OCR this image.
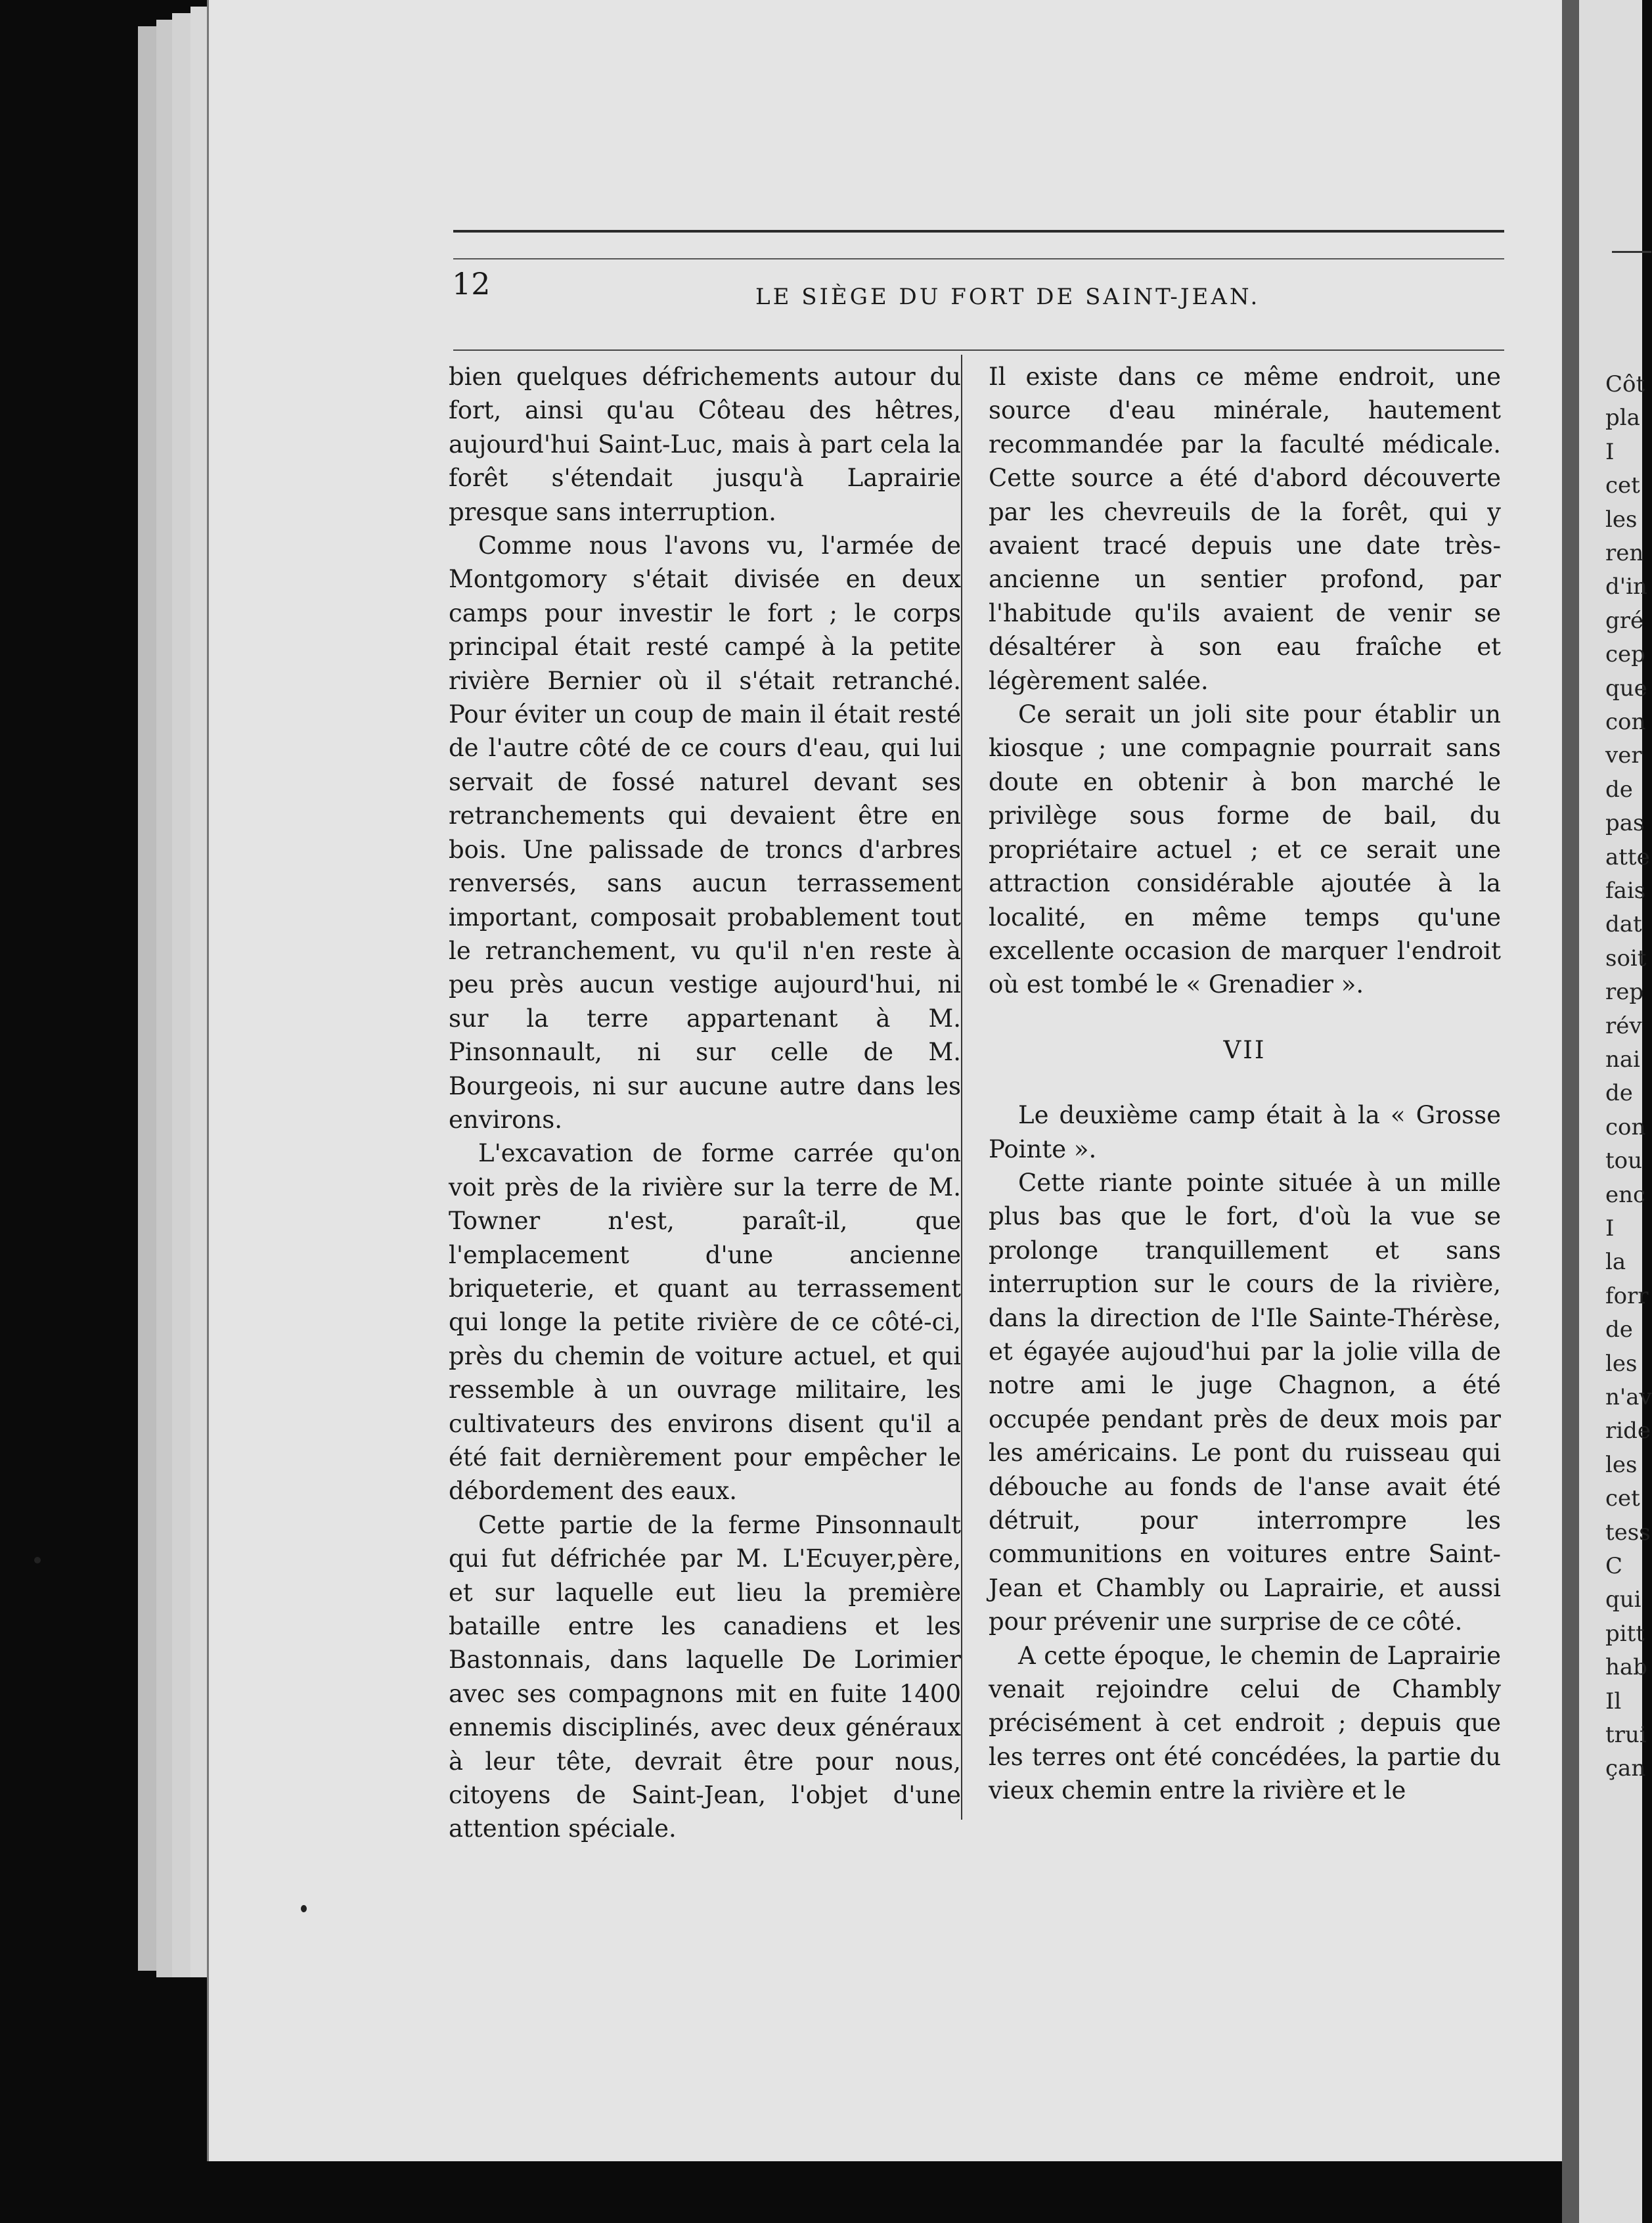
Côt
pla
I
cet
les
ren
d'in
gré
cep
que
con
ver
de
pas
atte
fais
dat
soit
rep
rév
nai
de
con
tou
enc
I
la
forr
de
les
n'av
ride
les
cet
tess
C
qui
pitt
hab
Il
trui
çan
12	LE SIÈGE DU FORT DE SAINT-JEAN.

bien quelques défrichements autour du fort, ainsi qu'au Côteau des hêtres, aujourd'hui Saint-Luc, mais à part cela la forêt s'étendait jusqu'à Laprairie presque sans interruption.

Comme nous l'avons vu, l'armée de Montgomory s'était divisée en deux camps pour investir le fort ; le corps principal était resté campé à la petite rivière Bernier où il s'était retranché. Pour éviter un coup de main il était resté de l'autre côté de ce cours d'eau, qui lui servait de fossé naturel devant ses retranchements qui devaient être en bois. Une palissade de troncs d'arbres renversés, sans aucun terrassement important, composait probablement tout le retranchement, vu qu'il n'en reste à peu près aucun vestige aujourd'hui, ni sur la terre appartenant à M. Pinsonnault, ni sur celle de M. Bourgeois, ni sur aucune autre dans les environs.

L'excavation de forme carrée qu'on voit près de la rivière sur la terre de M. Towner n'est, paraît-il, que l'emplacement d'une ancienne briqueterie, et quant au terrassement qui longe la petite rivière de ce côté-ci, près du chemin de voiture actuel, et qui ressemble à un ouvrage militaire, les cultivateurs des environs disent qu'il a été fait dernièrement pour empêcher le débordement des eaux.

Cette partie de la ferme Pinsonnault qui fut défrichée par M. L'Ecuyer,père, et sur laquelle eut lieu la première bataille entre les canadiens et les Bastonnais, dans laquelle De Lorimier avec ses compagnons mit en fuite 1400 ennemis disciplinés, avec deux généraux à leur tête, devrait être pour nous, citoyens de Saint-Jean, l'objet d'une attention spéciale.

Il existe dans ce même endroit, une source d'eau minérale, hautement recommandée par la faculté médicale. Cette source a été d'abord découverte par les chevreuils de la forêt, qui y avaient tracé depuis une date très-ancienne un sentier profond, par l'habitude qu'ils avaient de venir se désaltérer à son eau fraîche et légèrement salée.

Ce serait un joli site pour établir un kiosque ; une compagnie pourrait sans doute en obtenir à bon marché le privilège sous forme de bail, du propriétaire actuel ; et ce serait une attraction considérable ajoutée à la localité, en même temps qu'une excellente occasion de marquer l'endroit où est tombé le « Grenadier ».

VII

Le deuxième camp était à la « Grosse Pointe ».

Cette riante pointe située à un mille plus bas que le fort, d'où la vue se prolonge tranquillement et sans interruption sur le cours de la rivière, dans la direction de l'Ile Sainte-Thérèse, et égayée aujoud'hui par la jolie villa de notre ami le juge Chagnon, a été occupée pendant près de deux mois par les américains. Le pont du ruisseau qui débouche au fonds de l'anse avait été détruit, pour interrompre les communitions en voitures entre Saint-Jean et Chambly ou Laprairie, et aussi pour prévenir une surprise de ce côté.

A cette époque, le chemin de Laprairie venait rejoindre celui de Chambly précisément à cet endroit ; depuis que les terres ont été concédées, la partie du vieux chemin entre la rivière et le
